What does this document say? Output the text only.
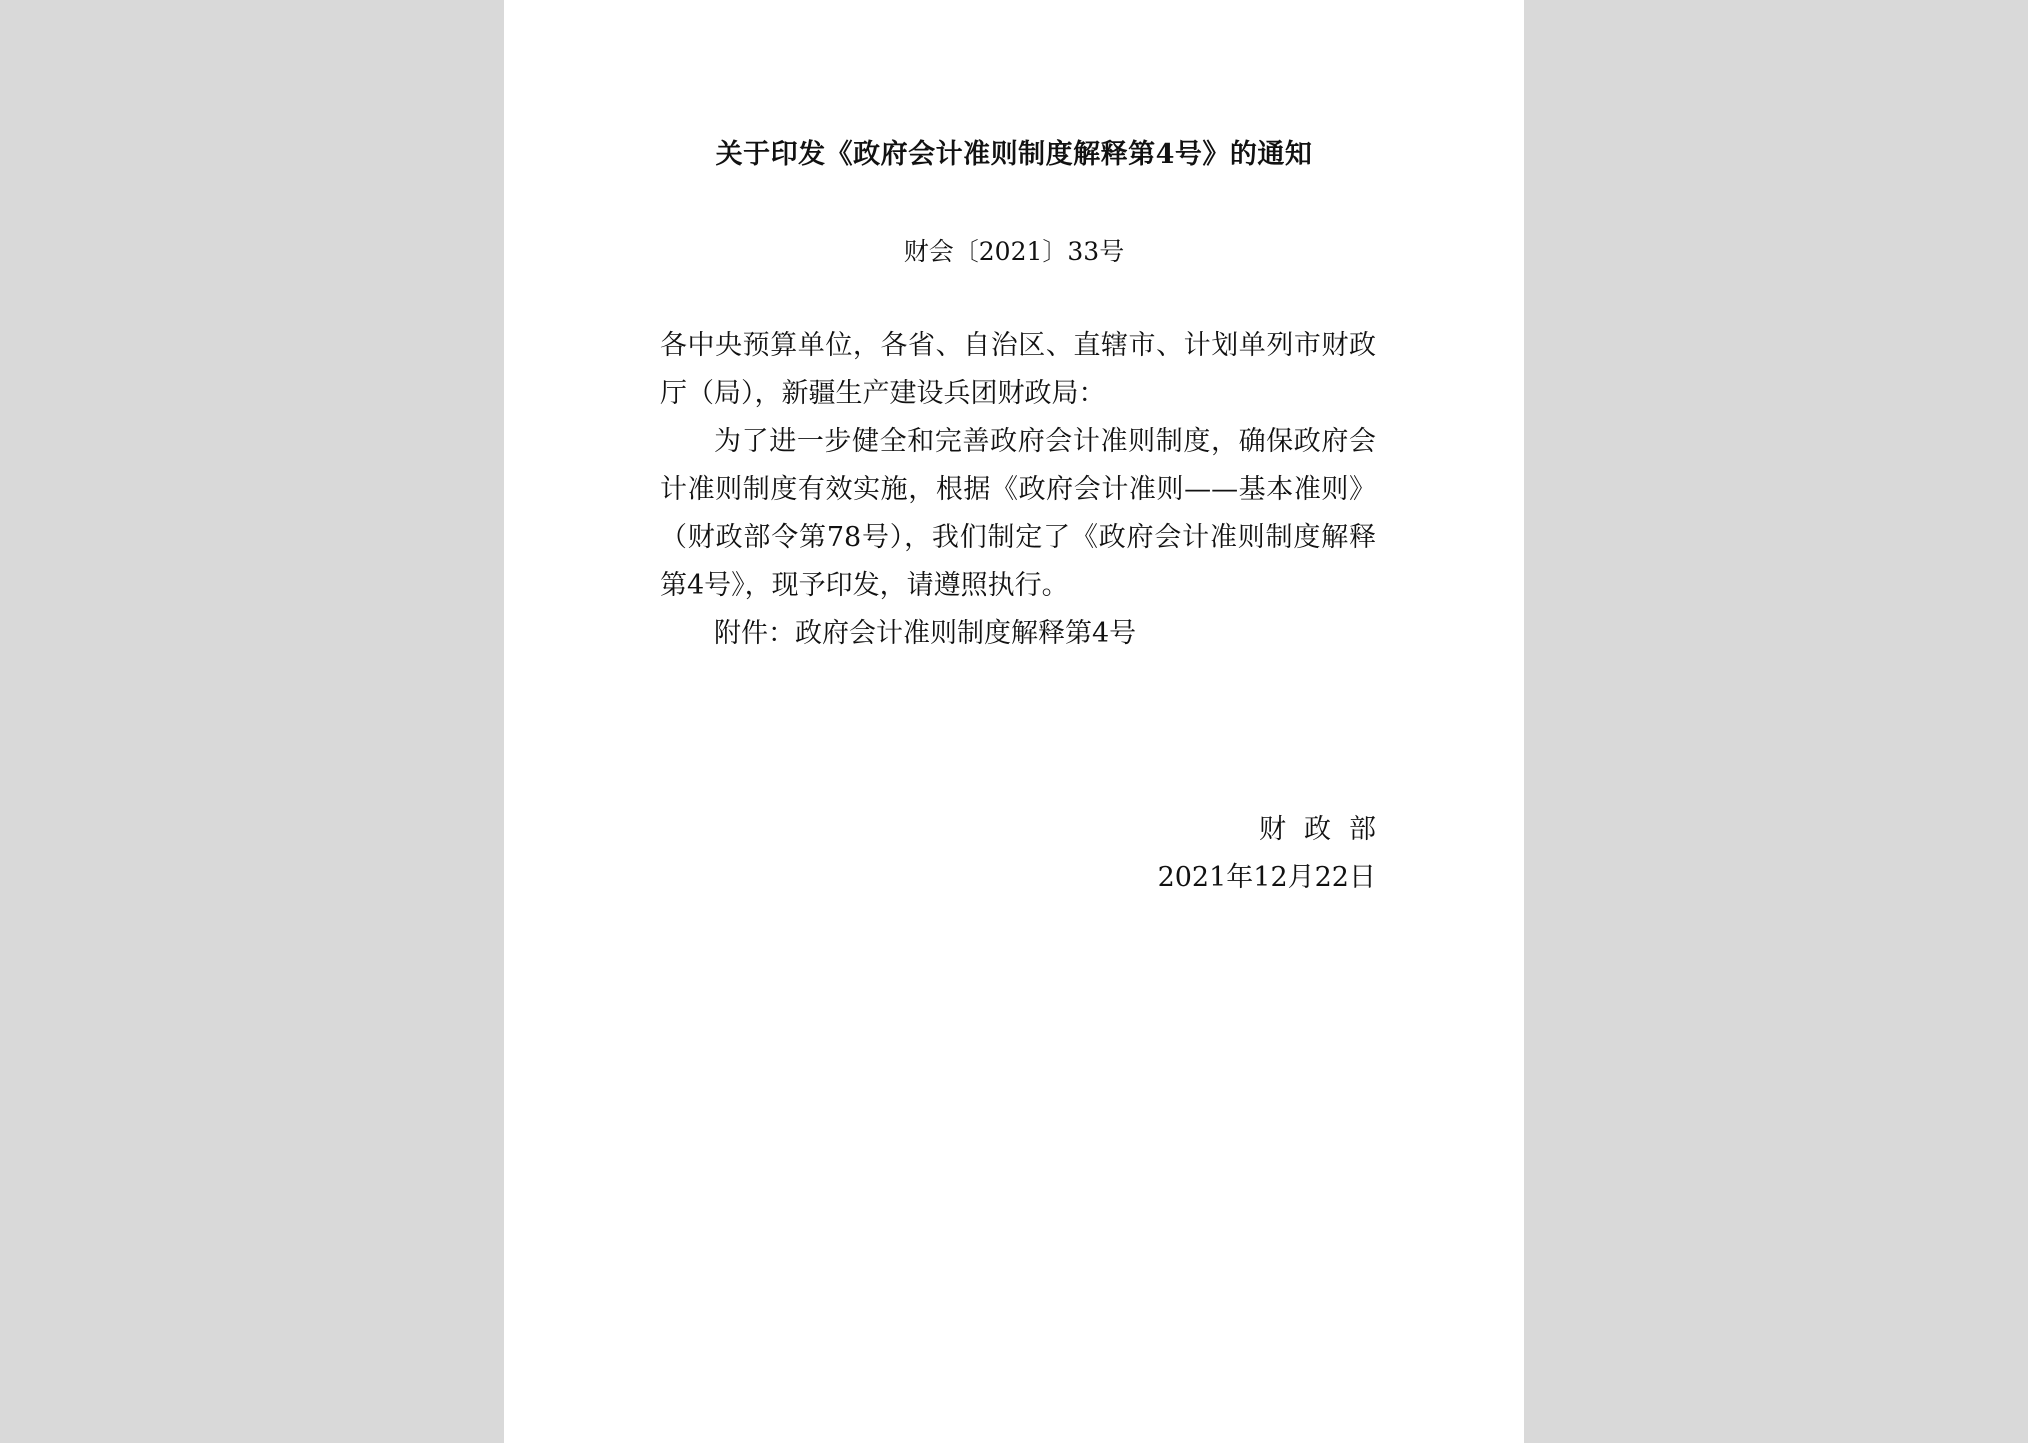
关于印发《政府会计准则制度解释第4号》的通知
财会〔2021〕33号

各中央预算单位，各省、自治区、直辖市、计划单列市财政厅（局），新疆生产建设兵团财政局：

为了进一步健全和完善政府会计准则制度，确保政府会计准则制度有效实施，根据《政府会计准则——基本准则》（财政部令第78号），我们制定了《政府会计准则制度解释第4号》，现予印发，请遵照执行。

附件：政府会计准则制度解释第4号

财政部
2021年12月22日
